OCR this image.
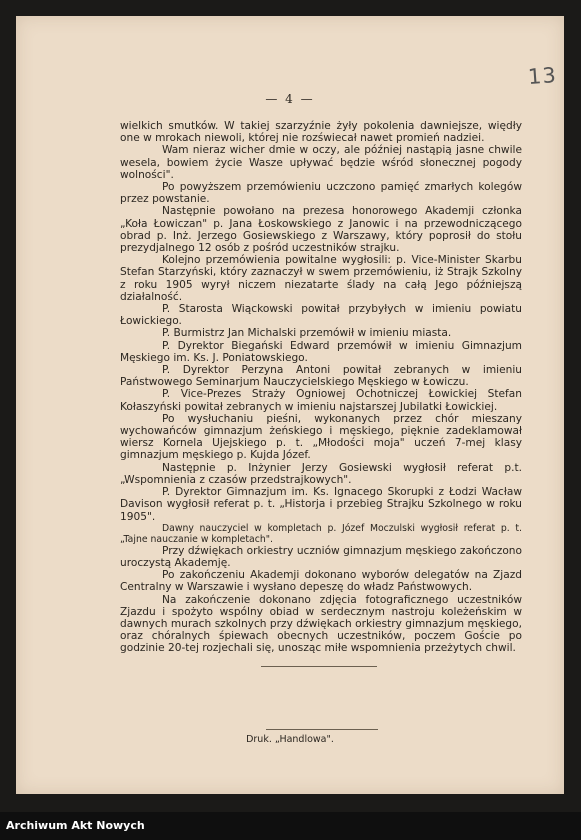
13
— 4 —

wielkich smutków. W takiej szarzyźnie żyły pokolenia dawniejsze, więdły one w mrokach niewoli, której nie rozświecał nawet promień nadziei.

Wam nieraz wicher dmie w oczy, ale później nastąpią jasne chwile wesela, bowiem życie Wasze upływać będzie wśród słonecznej pogody wolności".

Po powyższem przemówieniu uczczono pamięć zmarłych kolegów przez powstanie.

Następnie powołano na prezesa honorowego Akademji członka „Koła Łowiczan" p. Jana Łoskowskiego z Janowic i na przewodniczącego obrad p. Inż. Jerzego Gosiewskiego z Warszawy, który poprosił do stołu prezydjalnego 12 osób z pośród uczestników strajku.

Kolejno przemówienia powitalne wygłosili: p. Vice-Minister Skarbu Stefan Starzyński, który zaznaczył w swem przemówieniu, iż Strajk Szkolny z roku 1905 wyrył niczem niezatarte ślady na całą Jego późniejszą działalność.

P. Starosta Wiąckowski powitał przybyłych w imieniu powiatu Łowickiego.

P. Burmistrz Jan Michalski przemówił w imieniu miasta.

P. Dyrektor Biegański Edward przemówił w imieniu Gimnazjum Męskiego im. Ks. J. Poniatowskiego.

P. Dyrektor Perzyna Antoni powitał zebranych w imieniu Państwowego Seminarjum Nauczycielskiego Męskiego w Łowiczu.

P. Vice-Prezes Straży Ogniowej Ochotniczej Łowickiej Stefan Kołaszyński powitał zebranych w imieniu najstarszej Jubilatki Łowickiej.

Po wysłuchaniu pieśni, wykonanych przez chór mieszany wychowańców gimnazjum żeńskiego i męskiego, pięknie zadeklamował wiersz Kornela Ujejskiego p. t. „Młodości moja" uczeń 7-mej klasy gimnazjum męskiego p. Kujda Józef.

Następnie p. Inżynier Jerzy Gosiewski wygłosił referat p.t. „Wspomnienia z czasów przedstrajkowych".

P. Dyrektor Gimnazjum im. Ks. Ignacego Skorupki z Łodzi Wacław Davison wygłosił referat p. t. „Historja i przebieg Strajku Szkolnego w roku 1905".

Dawny nauczyciel w kompletach p. Józef Moczulski wygłosił referat p. t. „Tajne nauczanie w kompletach".

Przy dźwiękach orkiestry uczniów gimnazjum męskiego zakończono uroczystą Akademję.

Po zakończeniu Akademji dokonano wyborów delegatów na Zjazd Centralny w Warszawie i wysłano depeszę do władz Państwowych.

Na zakończenie dokonano zdjęcia fotograficznego uczestników Zjazdu i spożyto wspólny obiad w serdecznym nastroju koleżeńskim w dawnych murach szkolnych przy dźwiękach orkiestry gimnazjum męskiego, oraz chóralnych śpiewach obecnych uczestników, poczem Goście po godzinie 20-tej rozjechali się, unosząc miłe wspomnienia przeżytych chwil.

Druk. „Handlowa".
Archiwum Akt Nowych
